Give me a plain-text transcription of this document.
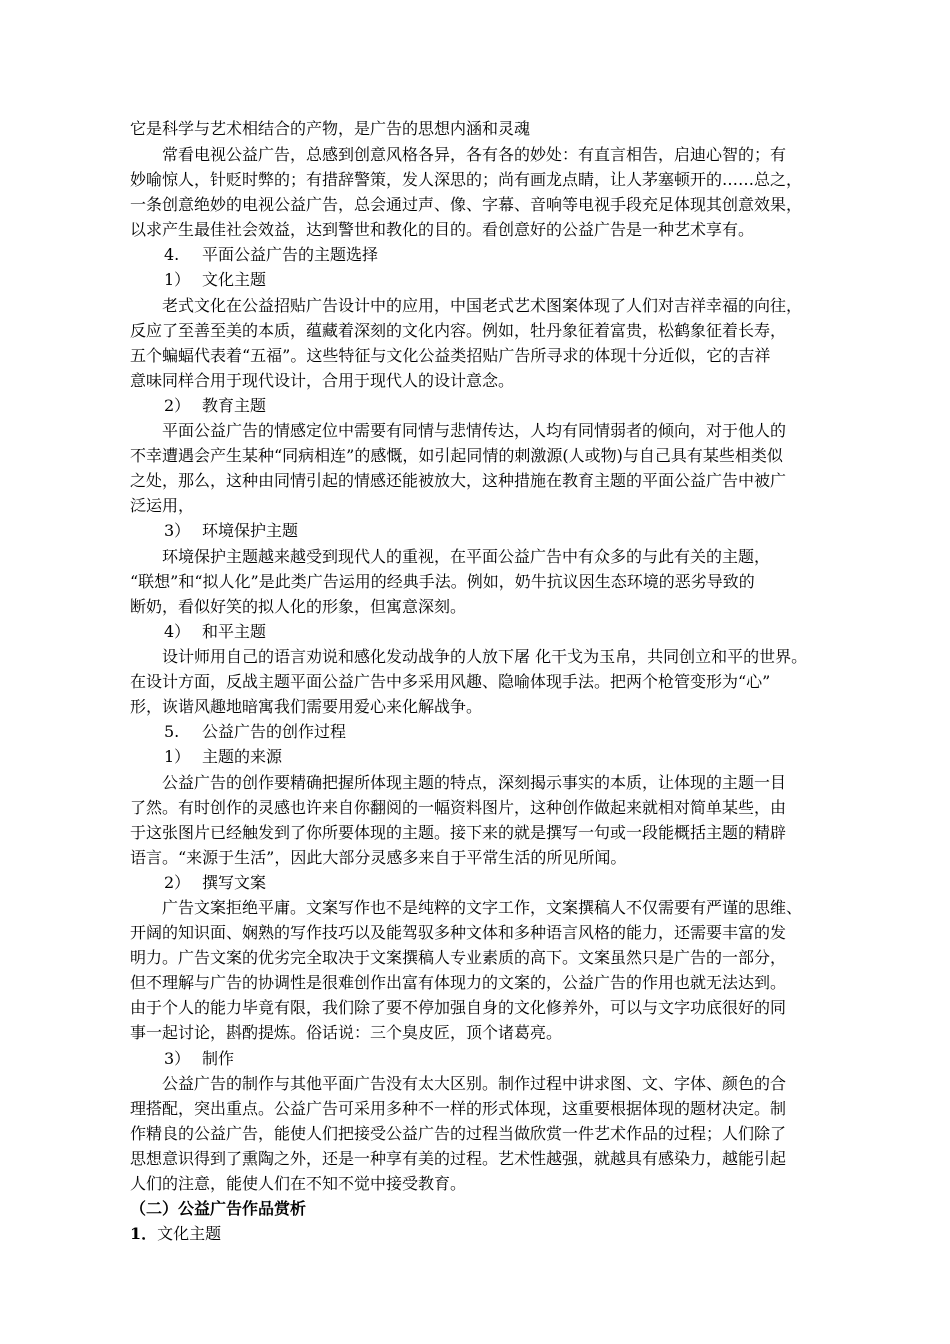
它是科学与艺术相结合的产物，是广告的思想内涵和灵魂
常看电视公益广告，总感到创意风格各异，各有各的妙处：有直言相告，启迪心智的；有
妙喻惊人，针贬时弊的；有措辞警策，发人深思的；尚有画龙点睛，让人茅塞顿开的……总之，
一条创意绝妙的电视公益广告，总会通过声、像、字幕、音响等电视手段充足体现其创意效果，
以求产生最佳社会效益，达到警世和教化的目的。看创意好的公益广告是一种艺术享有。
4. 平面公益广告的主题选择
1） 文化主题
老式文化在公益招贴广告设计中的应用，中国老式艺术图案体现了人们对吉祥幸福的向往，
反应了至善至美的本质，蕴藏着深刻的文化内容。例如，牡丹象征着富贵，松鹤象征着长寿，
五个蝙蝠代表着“五福”。这些特征与文化公益类招贴广告所寻求的体现十分近似，它的吉祥
意味同样合用于现代设计，合用于现代人的设计意念。
2） 教育主题
平面公益广告的情感定位中需要有同情与悲情传达，人均有同情弱者的倾向，对于他人的
不幸遭遇会产生某种“同病相连”的感慨，如引起同情的刺激源(人或物)与自己具有某些相类似
之处，那么，这种由同情引起的情感还能被放大，这种措施在教育主题的平面公益广告中被广
泛运用，
3） 环境保护主题
环境保护主题越来越受到现代人的重视，在平面公益广告中有众多的与此有关的主题，
“联想”和“拟人化”是此类广告运用的经典手法。例如，奶牛抗议因生态环境的恶劣导致的
断奶，看似好笑的拟人化的形象，但寓意深刻。
4） 和平主题
设计师用自己的语言劝说和感化发动战争的人放下屠 化干戈为玉帛，共同创立和平的世界。
在设计方面，反战主题平面公益广告中多采用风趣、隐喻体现手法。把两个枪管变形为“心”
形，诙谐风趣地暗寓我们需要用爱心来化解战争。
5. 公益广告的创作过程
1） 主题的来源
公益广告的创作要精确把握所体现主题的特点，深刻揭示事实的本质，让体现的主题一目
了然。有时创作的灵感也许来自你翻阅的一幅资料图片，这种创作做起来就相对简单某些，由
于这张图片已经触发到了你所要体现的主题。接下来的就是撰写一句或一段能概括主题的精辟
语言。“来源于生活”，因此大部分灵感多来自于平常生活的所见所闻。
2） 撰写文案
广告文案拒绝平庸。文案写作也不是纯粹的文字工作，文案撰稿人不仅需要有严谨的思维、
开阔的知识面、娴熟的写作技巧以及能驾驭多种文体和多种语言风格的能力，还需要丰富的发
明力。广告文案的优劣完全取决于文案撰稿人专业素质的高下。文案虽然只是广告的一部分，
但不理解与广告的协调性是很难创作出富有体现力的文案的，公益广告的作用也就无法达到。
由于个人的能力毕竟有限，我们除了要不停加强自身的文化修养外，可以与文字功底很好的同
事一起讨论，斟酌提炼。俗话说：三个臭皮匠，顶个诸葛亮。
3） 制作
公益广告的制作与其他平面广告没有太大区别。制作过程中讲求图、文、字体、颜色的合
理搭配，突出重点。公益广告可采用多种不一样的形式体现，这重要根据体现的题材决定。制
作精良的公益广告，能使人们把接受公益广告的过程当做欣赏一件艺术作品的过程；人们除了
思想意识得到了熏陶之外，还是一种享有美的过程。艺术性越强，就越具有感染力，越能引起
人们的注意，能使人们在不知不觉中接受教育。
（二）公益广告作品赏析
1．文化主题
